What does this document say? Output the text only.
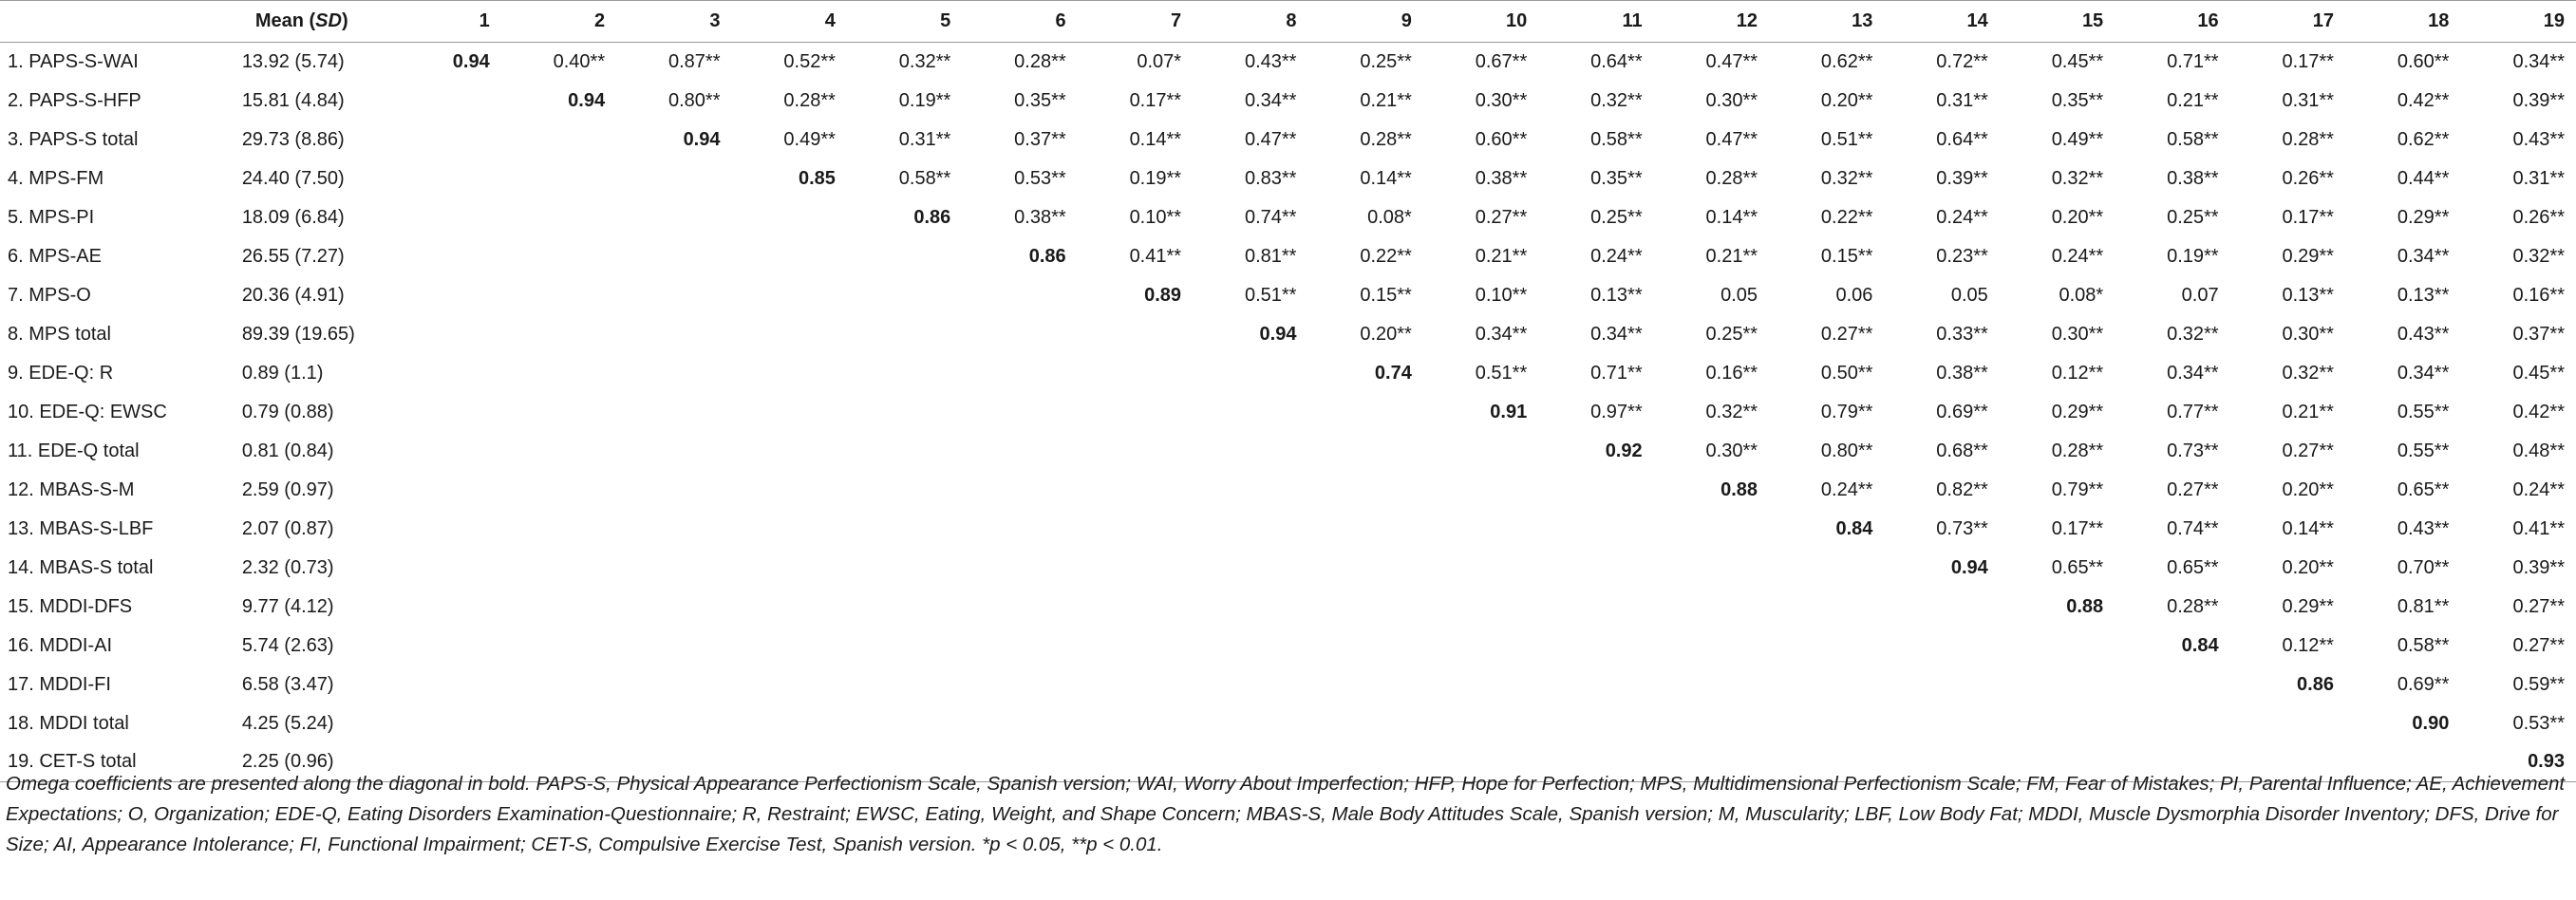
	Mean (SD)	1	2	3	4	5	6	7	8	9	10	11	12	13	14	15	16	17	18	19
1. PAPS-S-WAI	13.92 (5.74)	0.94	0.40**	0.87**	0.52**	0.32**	0.28**	0.07*	0.43**	0.25**	0.67**	0.64**	0.47**	0.62**	0.72**	0.45**	0.71**	0.17**	0.60**	0.34**
2. PAPS-S-HFP	15.81 (4.84)		0.94	0.80**	0.28**	0.19**	0.35**	0.17**	0.34**	0.21**	0.30**	0.32**	0.30**	0.20**	0.31**	0.35**	0.21**	0.31**	0.42**	0.39**
3. PAPS-S total	29.73 (8.86)			0.94	0.49**	0.31**	0.37**	0.14**	0.47**	0.28**	0.60**	0.58**	0.47**	0.51**	0.64**	0.49**	0.58**	0.28**	0.62**	0.43**
4. MPS-FM	24.40 (7.50)				0.85	0.58**	0.53**	0.19**	0.83**	0.14**	0.38**	0.35**	0.28**	0.32**	0.39**	0.32**	0.38**	0.26**	0.44**	0.31**
5. MPS-PI	18.09 (6.84)					0.86	0.38**	0.10**	0.74**	0.08*	0.27**	0.25**	0.14**	0.22**	0.24**	0.20**	0.25**	0.17**	0.29**	0.26**
6. MPS-AE	26.55 (7.27)						0.86	0.41**	0.81**	0.22**	0.21**	0.24**	0.21**	0.15**	0.23**	0.24**	0.19**	0.29**	0.34**	0.32**
7. MPS-O	20.36 (4.91)							0.89	0.51**	0.15**	0.10**	0.13**	0.05	0.06	0.05	0.08*	0.07	0.13**	0.13**	0.16**
8. MPS total	89.39 (19.65)								0.94	0.20**	0.34**	0.34**	0.25**	0.27**	0.33**	0.30**	0.32**	0.30**	0.43**	0.37**
9. EDE-Q: R	0.89 (1.1)									0.74	0.51**	0.71**	0.16**	0.50**	0.38**	0.12**	0.34**	0.32**	0.34**	0.45**
10. EDE-Q: EWSC	0.79 (0.88)										0.91	0.97**	0.32**	0.79**	0.69**	0.29**	0.77**	0.21**	0.55**	0.42**
11. EDE-Q total	0.81 (0.84)											0.92	0.30**	0.80**	0.68**	0.28**	0.73**	0.27**	0.55**	0.48**
12. MBAS-S-M	2.59 (0.97)												0.88	0.24**	0.82**	0.79**	0.27**	0.20**	0.65**	0.24**
13. MBAS-S-LBF	2.07 (0.87)													0.84	0.73**	0.17**	0.74**	0.14**	0.43**	0.41**
14. MBAS-S total	2.32 (0.73)														0.94	0.65**	0.65**	0.20**	0.70**	0.39**
15. MDDI-DFS	9.77 (4.12)															0.88	0.28**	0.29**	0.81**	0.27**
16. MDDI-AI	5.74 (2.63)																0.84	0.12**	0.58**	0.27**
17. MDDI-FI	6.58 (3.47)																	0.86	0.69**	0.59**
18. MDDI total	4.25 (5.24)																		0.90	0.53**
19. CET-S total	2.25 (0.96)																			0.93
Omega coefficients are presented along the diagonal in bold. PAPS-S, Physical Appearance Perfectionism Scale, Spanish version; WAI, Worry About Imperfection; HFP, Hope for Perfection; MPS, Multidimensional Perfectionism Scale; FM, Fear of Mistakes; PI, Parental Influence; AE, Achievement Expectations; O, Organization; EDE-Q, Eating Disorders Examination-Questionnaire; R, Restraint; EWSC, Eating, Weight, and Shape Concern; MBAS-S, Male Body Attitudes Scale, Spanish version; M, Muscularity; LBF, Low Body Fat; MDDI, Muscle Dysmorphia Disorder Inventory; DFS, Drive for Size; AI, Appearance Intolerance; FI, Functional Impairment; CET-S, Compulsive Exercise Test, Spanish version. *p < 0.05, **p < 0.01.
